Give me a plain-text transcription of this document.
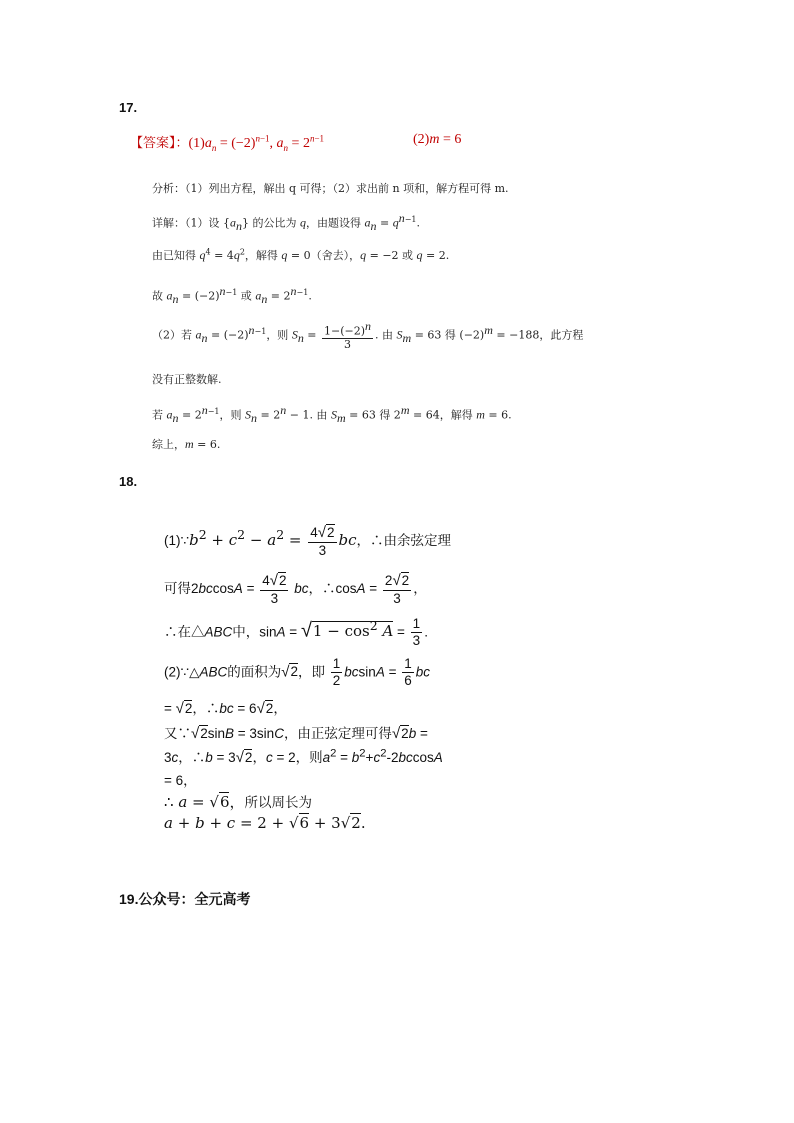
17.
【答案】：$(1)a_n = (-2)^{n-1}$, $a_n = 2^{n-1}$	(2)m = 6
分析：（1）列出方程，解出 q 可得；（2）求出前 n 项和，解方程可得 m.
详解：（1）设 $\{a_n\}$ 的公比为 q，由题设得 $a_n = q^{n-1}$.
由已知得 $q^4 = 4q^2$，解得 q = 0（舍去），q = −2 或 q = 2.
故 $a_n = (-2)^{n-1}$ 或 $a_n = 2^{n-1}$.
（2）若 $a_n = (-2)^{n-1}$，则 $S_n = \frac{1-(-2)^n}{3}$ . 由 $S_m = 63$ 得 $(-2)^m = -188$，此方程
没有正整数解.
若 $a_n = 2^{n-1}$，则 $S_n = 2^n - 1$. 由 $S_m = 63$ 得 $2^m = 64$，解得 m = 6.
综上，m = 6.
18.
$(1)\because b^2 + c^2 - a^2 = \frac{4√2}{3}$ bc，∴由余弦定理
可得$2bccosA = \frac{4√2}{3}$ bc，∴cosA = $\frac{2√2}{3}$ ，
∴在△ABC中，$\sin A = √1 - \cos^2 A = \frac{1}{3}$ .
(2)∵△ABC的面积为√2，即 $\frac{1}{2}$ $bcsinA = \frac{1}{6}$ bc
= √2，∴bc = 6√2，
又∵√2sinB = 3sinC，由正弦定理可得√2b =
3c，∴b = 3√2，c = 2，则$a^2 = b^2+c^2-2bccosA$
= 6，
∴ a = √6，所以周长为
a + b + c = 2 + √6 + 3√2.
19.公众号：全元高考
